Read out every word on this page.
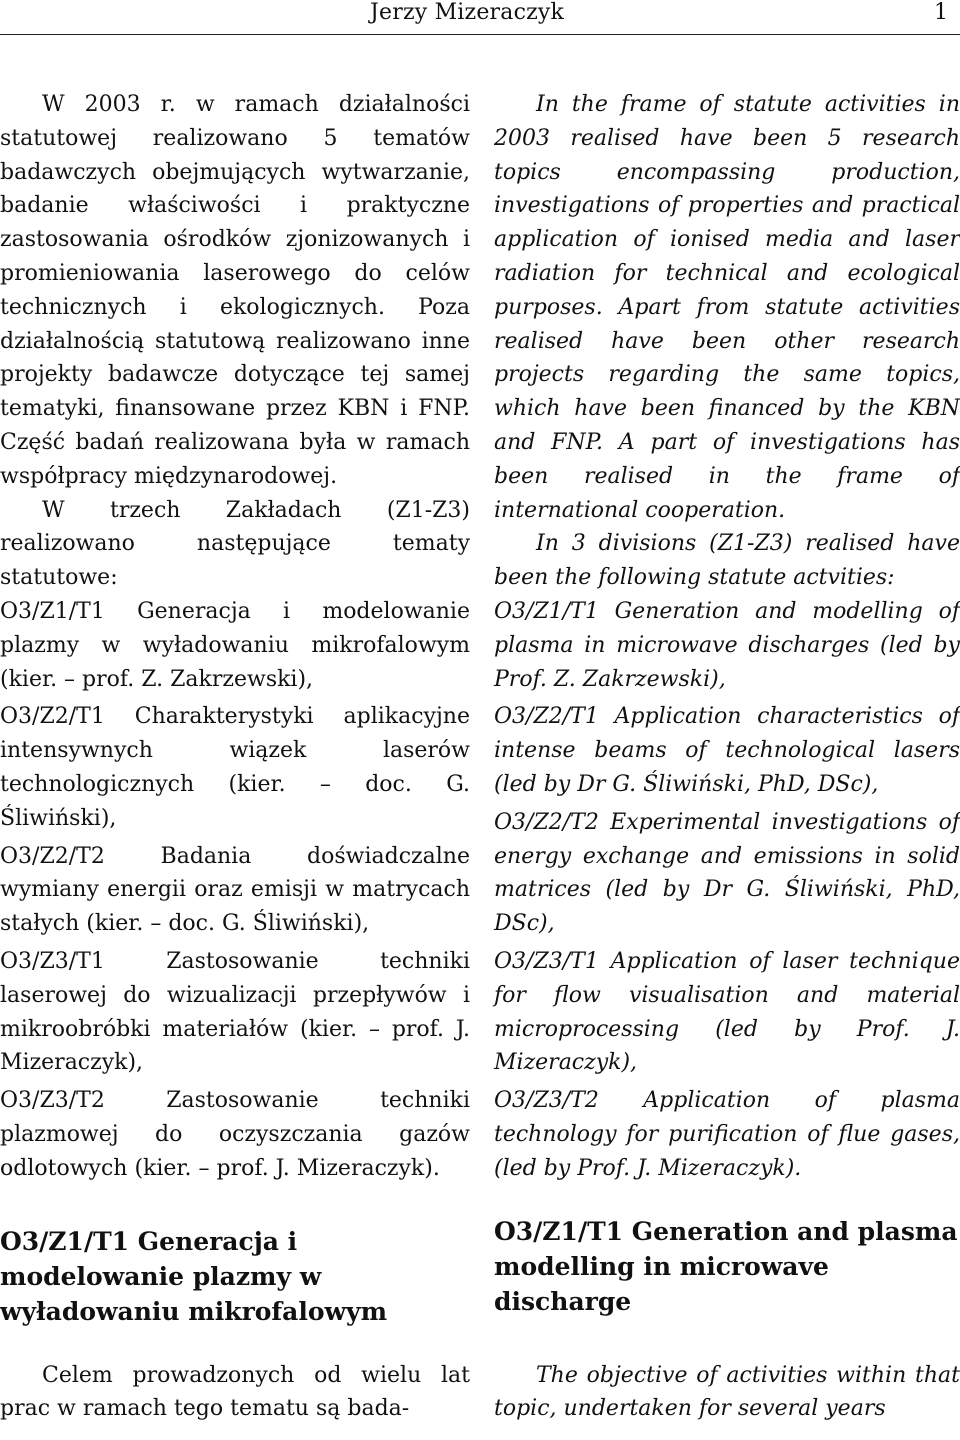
Jerzy Mizeraczyk	1

W 2003 r. w ramach działalności statutowej realizowano 5 tematów badawczych obejmujących wytwarzanie, badanie właściwości i praktyczne zastosowania ośrodków zjonizowanych i promieniowania laserowego do celów technicznych i ekologicznych. Poza działalnością statutową realizowano inne projekty badawcze dotyczące tej samej tematyki, finansowane przez KBN i FNP. Część badań realizowana była w ramach współpracy międzynarodowej.

W trzech Zakładach (Z1-Z3) realizowano następujące tematy statutowe:

O3/Z1/T1 Generacja i modelowanie plazmy w wyładowaniu mikrofalowym (kier. – prof. Z. Zakrzewski),

O3/Z2/T1 Charakterystyki aplikacyjne intensywnych wiązek laserów technologicznych (kier. – doc. G. Śliwiński),

O3/Z2/T2 Badania doświadczalne wymiany energii oraz emisji w matrycach stałych (kier. – doc. G. Śliwiński),

O3/Z3/T1 Zastosowanie techniki laserowej do wizualizacji przepływów i mikroobróbki materiałów (kier. – prof. J. Mizeraczyk),

O3/Z3/T2 Zastosowanie techniki plazmowej do oczyszczania gazów odlotowych (kier. – prof. J. Mizeraczyk).

O3/Z1/T1 Generacja i modelowanie plazmy w wyładowaniu mikrofalowym

Celem prowadzonych od wielu lat prac w ramach tego tematu są bada-

In the frame of statute activities in 2003 realised have been 5 research topics encompassing production, investigations of properties and practical application of ionised media and laser radiation for technical and ecological purposes. Apart from statute activities realised have been other research projects regarding the same topics, which have been financed by the KBN and FNP. A part of investigations has been realised in the frame of international cooperation.

In 3 divisions (Z1-Z3) realised have been the following statute actvities:

O3/Z1/T1 Generation and modelling of plasma in microwave discharges (led by Prof. Z. Zakrzewski),

O3/Z2/T1 Application characteristics of intense beams of technological lasers (led by Dr G. Śliwiński, PhD, DSc),

O3/Z2/T2 Experimental investigations of energy exchange and emissions in solid matrices (led by Dr G. Śliwiński, PhD, DSc),

O3/Z3/T1 Application of laser technique for flow visualisation and material microprocessing (led by Prof. J. Mizeraczyk),

O3/Z3/T2 Application of plasma technology for purification of flue gases, (led by Prof. J. Mizeraczyk).

O3/Z1/T1 Generation and plasma modelling in microwave discharge

The objective of activities within that topic, undertaken for several years
